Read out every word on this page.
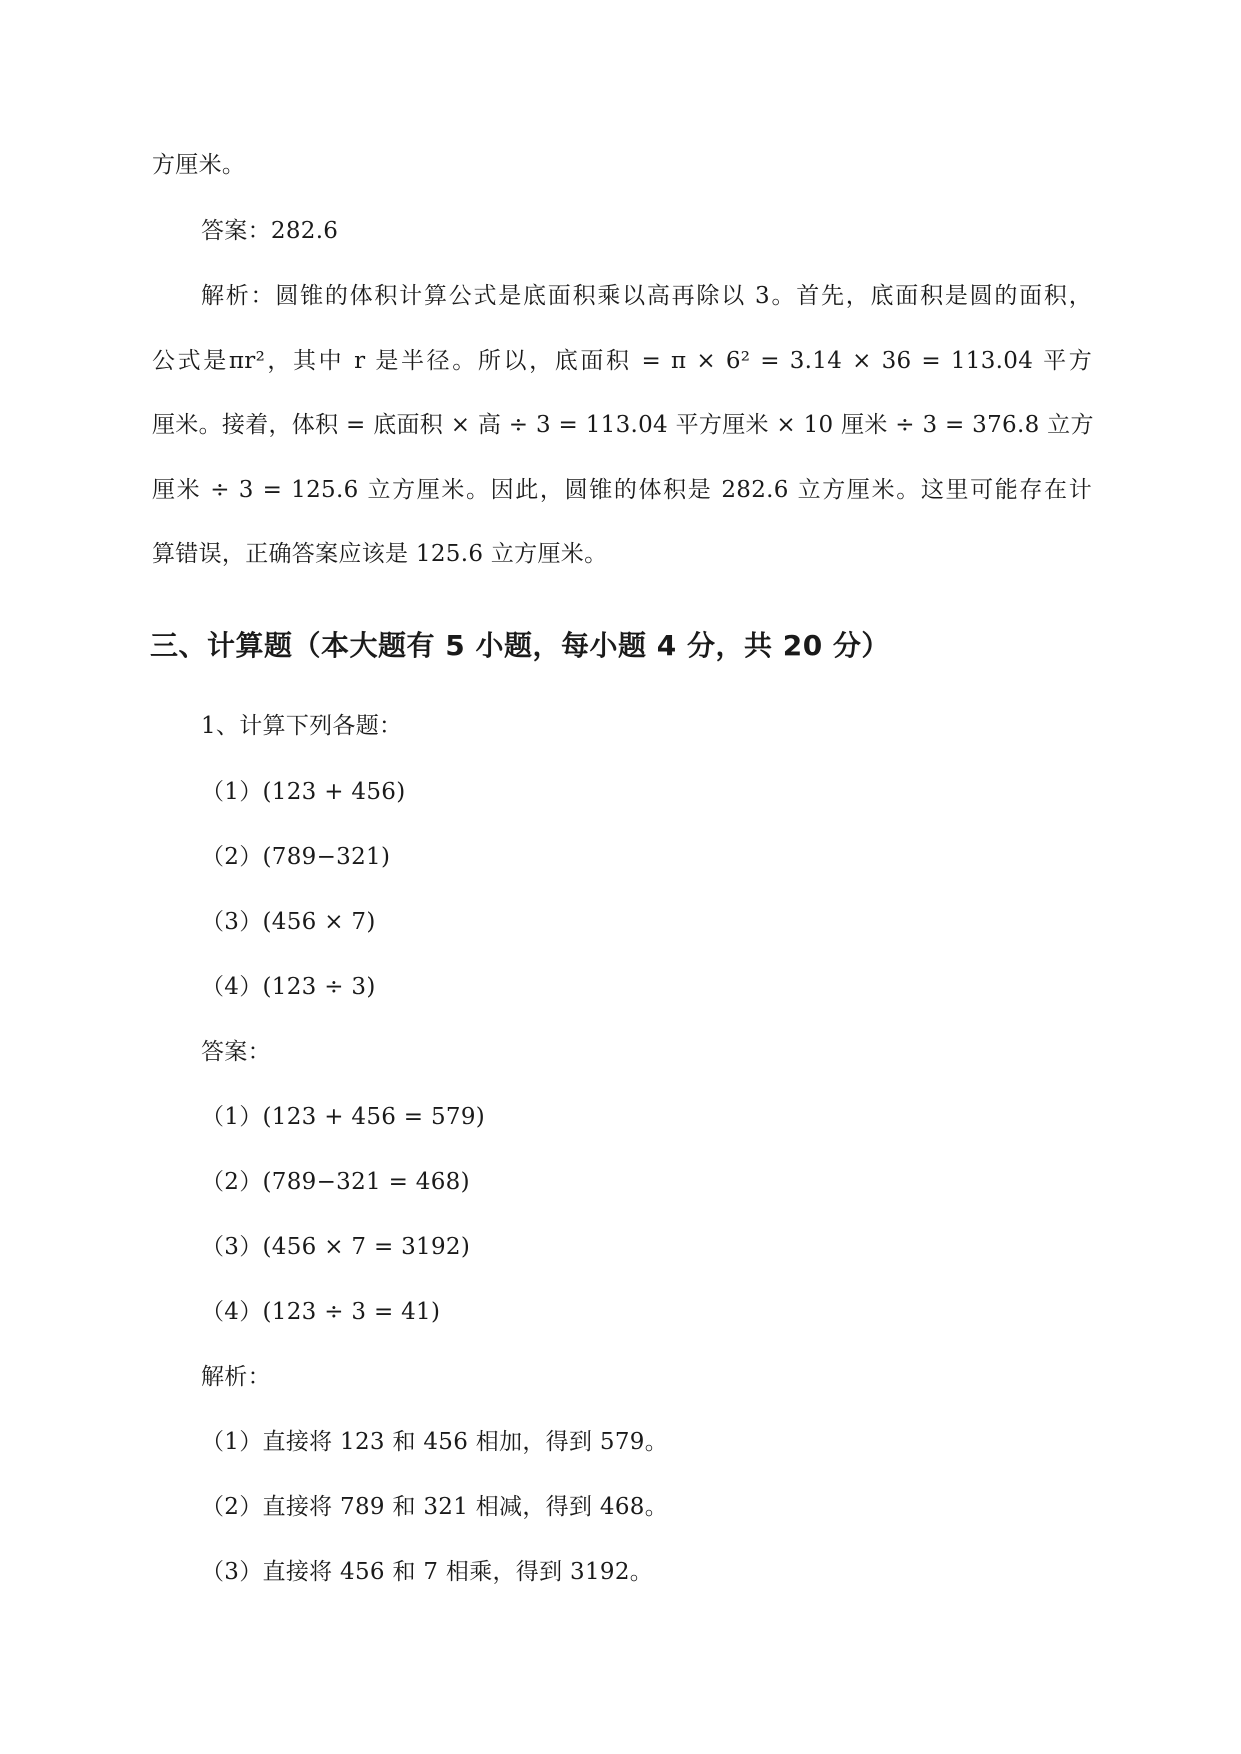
方厘米。
答案：282.6
解析：圆锥的体积计算公式是底面积乘以高再除以 3。首先，底面积是圆的面积，
公式是πr²，其中 r 是半径。所以，底面积 = π × 6² = 3.14 × 36 = 113.04 平方
厘米。接着，体积 = 底面积 × 高 ÷ 3 = 113.04 平方厘米 × 10 厘米 ÷ 3 = 376.8 立方
厘米 ÷ 3 = 125.6 立方厘米。因此，圆锥的体积是 282.6 立方厘米。这里可能存在计
算错误，正确答案应该是 125.6 立方厘米。
三、计算题（本大题有 5 小题，每小题 4 分，共 20 分）
1、计算下列各题：
（1）(123 + 456)
（2）(789−321)
（3）(456 × 7)
（4）(123 ÷ 3)
答案：
（1）(123 + 456 = 579)
（2）(789−321 = 468)
（3）(456 × 7 = 3192)
（4）(123 ÷ 3 = 41)
解析：
（1）直接将 123 和 456 相加，得到 579。
（2）直接将 789 和 321 相减，得到 468。
（3）直接将 456 和 7 相乘，得到 3192。
